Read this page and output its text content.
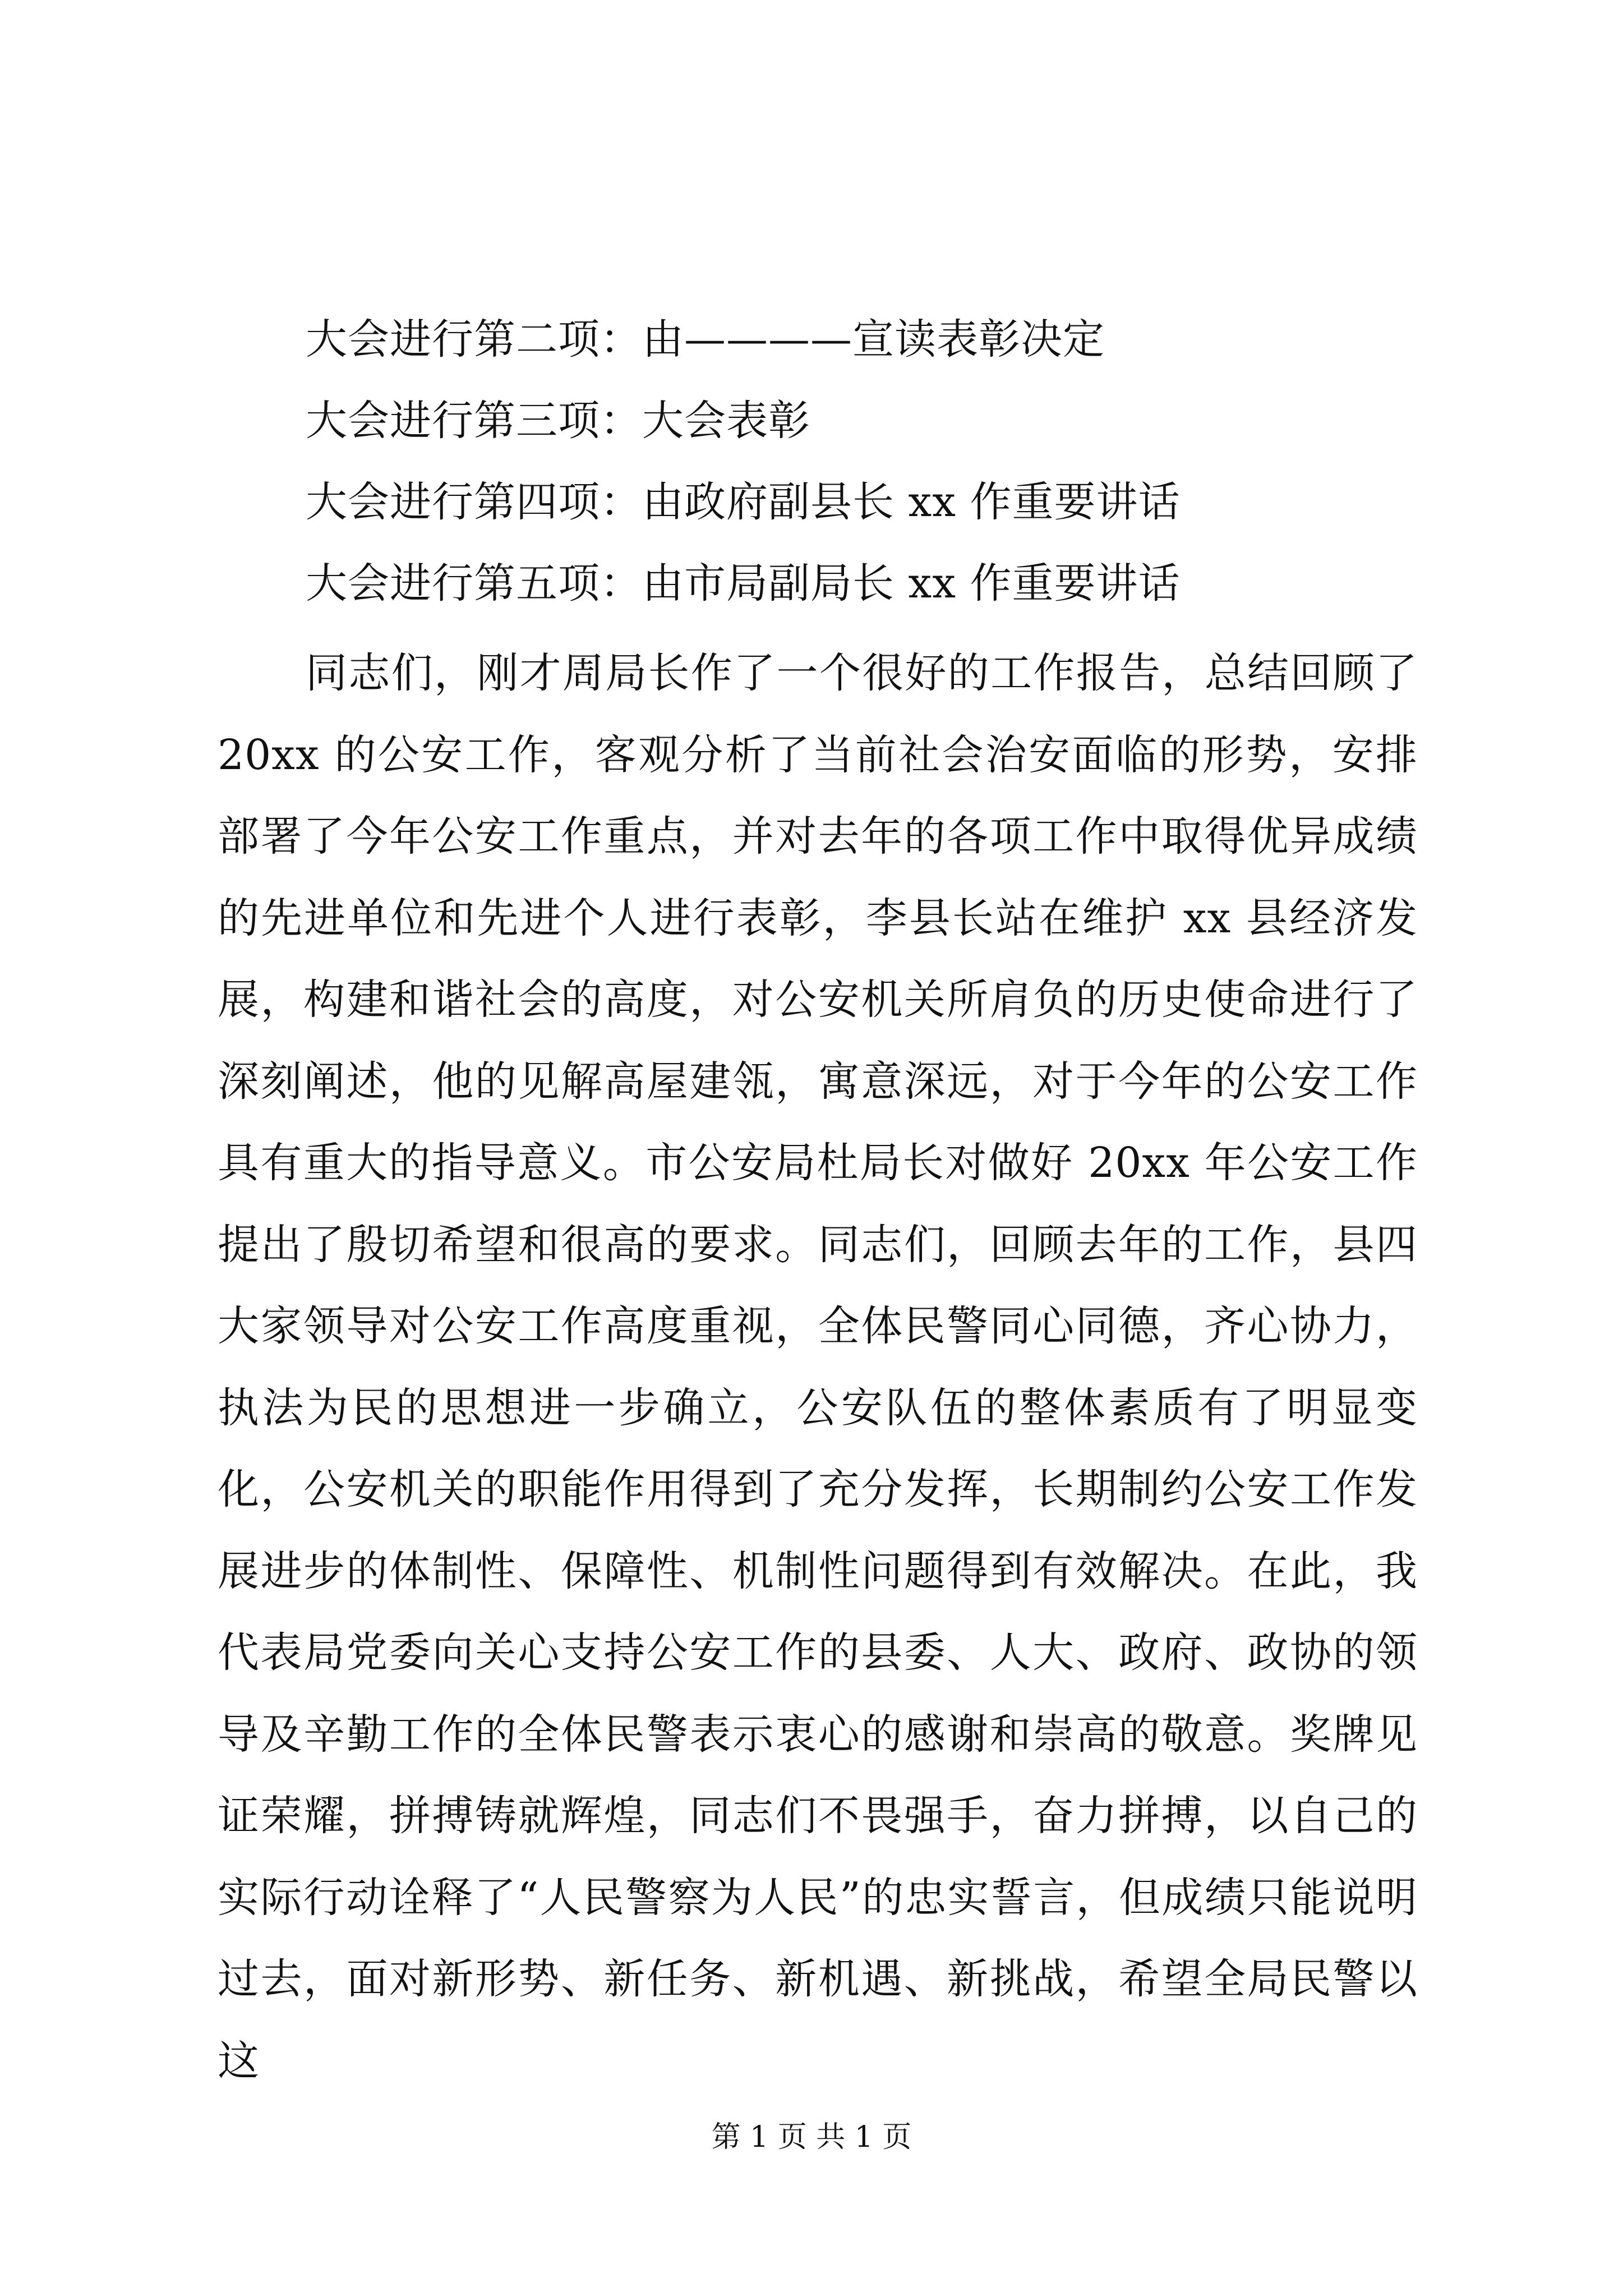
大会进行第二项：由————宣读表彰决定
大会进行第三项：大会表彰
大会进行第四项：由政府副县长 xx 作重要讲话
大会进行第五项：由市局副局长 xx 作重要讲话

同志们，刚才周局长作了一个很好的工作报告，总结回顾了20xx 的公安工作，客观分析了当前社会治安面临的形势，安排部署了今年公安工作重点，并对去年的各项工作中取得优异成绩的先进单位和先进个人进行表彰，李县长站在维护 xx 县经济发展，构建和谐社会的高度，对公安机关所肩负的历史使命进行了深刻阐述，他的见解高屋建瓴，寓意深远，对于今年的公安工作具有重大的指导意义。市公安局杜局长对做好 20xx 年公安工作提出了殷切希望和很高的要求。同志们，回顾去年的工作，县四大家领导对公安工作高度重视，全体民警同心同德，齐心协力，执法为民的思想进一步确立，公安队伍的整体素质有了明显变化，公安机关的职能作用得到了充分发挥，长期制约公安工作发展进步的体制性、保障性、机制性问题得到有效解决。在此，我代表局党委向关心支持公安工作的县委、人大、政府、政协的领导及辛勤工作的全体民警表示衷心的感谢和崇高的敬意。奖牌见证荣耀，拼搏铸就辉煌，同志们不畏强手，奋力拼搏，以自己的实际行动诠释了“人民警察为人民”的忠实誓言，但成绩只能说明过去，面对新形势、新任务、新机遇、新挑战，希望全局民警以这

第 1 页 共 1 页
